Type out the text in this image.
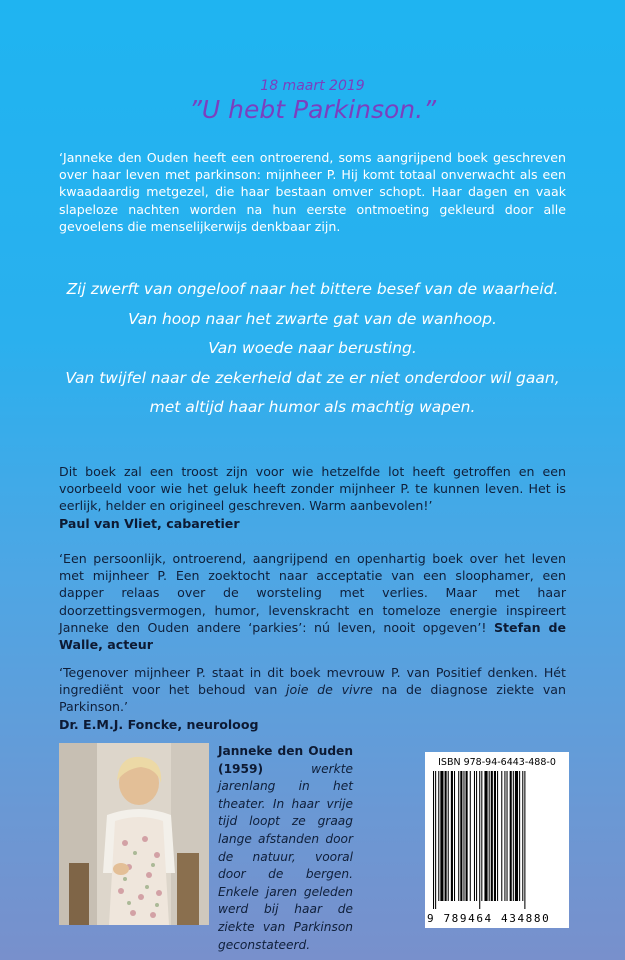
18 maart 2019
”U hebt Parkinson.”
‘Janneke den Ouden heeft een ontroerend, soms aangrijpend boek geschreven over haar leven met parkinson: mijnheer P. Hij komt totaal onverwacht als een kwaadaardig metgezel, die haar bestaan omver schopt. Haar dagen en vaak slapeloze nachten worden na hun eerste ontmoeting gekleurd door alle gevoelens die menselijkerwijs denkbaar zijn.
Zij zwerft van ongeloof naar het bittere besef van de waarheid.
Van hoop naar het zwarte gat van de wanhoop.
Van woede naar berusting.
Van twijfel naar de zekerheid dat ze er niet onderdoor wil gaan,
met altijd haar humor als machtig wapen.
Dit boek zal een troost zijn voor wie hetzelfde lot heeft getroffen en een voorbeeld voor wie het geluk heeft zonder mijnheer P. te kunnen leven. Het is eerlijk, helder en origineel geschreven. Warm aanbevolen!’
Paul van Vliet, cabaretier
‘Een persoonlijk, ontroerend, aangrijpend en openhartig boek over het leven met mijnheer P. Een zoektocht naar acceptatie van een sloophamer, een dapper relaas over de worsteling met verlies. Maar met haar doorzettingsvermogen, humor, levenskracht en tomeloze energie inspireert Janneke den Ouden andere ‘parkies’: nú leven, nooit opgeven’! Stefan de Walle, acteur
‘Tegenover mijnheer P. staat in dit boek mevrouw P. van Positief denken. Hét ingrediënt voor het behoud van joie de vivre na de diagnose ziekte van Parkinson.’
Dr. E.M.J. Foncke, neuroloog
Janneke den Ouden (1959) werkte jarenlang in het theater. In haar vrije tijd loopt ze graag lange afstanden door de natuur, vooral door de bergen. Enkele jaren geleden werd bij haar de ziekte van Parkinson geconstateerd.
ISBN 978-94-6443-488-0
9 789464 434880
